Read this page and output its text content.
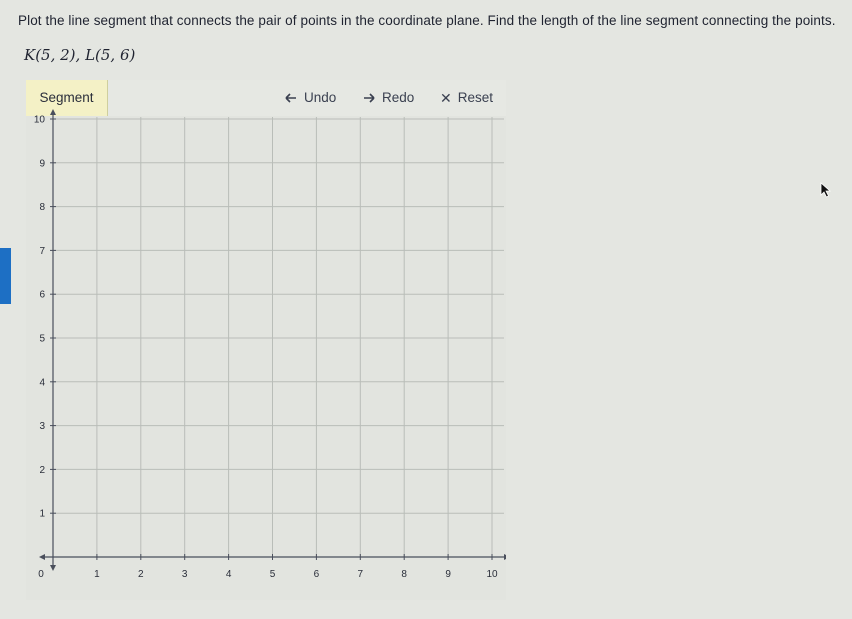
Plot the line segment that connects the pair of points in the coordinate plane. Find the length of the line segment connecting the points.
K(5, 2), L(5, 6)
Segment	Undo	Redo ✕ Reset
1	2	3	4	5	6	7	8	9	10
1
2
3
4
5
6
7
8
9
10
0
